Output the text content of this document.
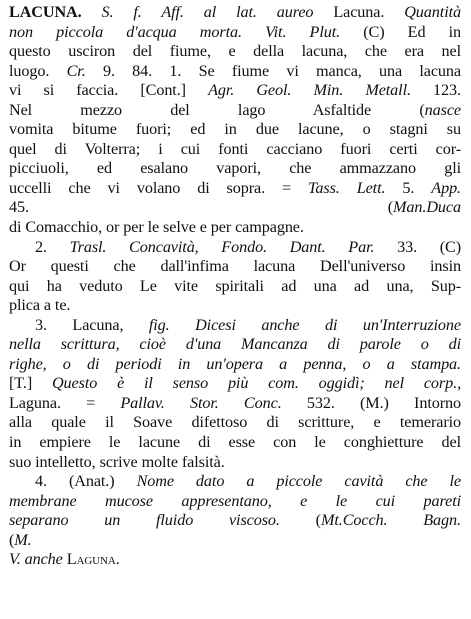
LACUNA. S. f. Aff. al lat. aureo Lacuna. Quantità
non piccola d'acqua morta. Vit. Plut. (C) Ed in
questo usciron del fiume, e della lacuna, che era nel
luogo. Cr. 9. 84. 1. Se fiume vi manca, una lacuna
vi si faccia. [Cont.] Agr. Geol. Min. Metall. 123.
Nel mezzo del lago Asfaltide (nasce
vomita bitume fuori; ed in due lacune, o stagni su
quel di Volterra; i cui fonti cacciano fuori certi cor-
picciuoli, ed esalano vapori, che ammazzano gli
uccelli che vi volano di sopra. = Tass. Lett. 5. App.
45. (Man.Duca
di Comacchio, or per le selve e per campagne.
2. Trasl. Concavità, Fondo. Dant. Par. 33. (C)
Or questi che dall'infima lacuna Dell'universo insin
qui ha veduto Le vite spiritali ad una ad una, Sup-
plica a te.
3. Lacuna, fig. Dicesi anche di un'Interruzione
nella scrittura, cioè d'una Mancanza di parole o di
righe, o di periodi in un'opera a penna, o a stampa.
[T.] Questo è il senso più com. oggidì; nel corp.,
Laguna. = Pallav. Stor. Conc. 532. (M.) Intorno
alla quale il Soave difettoso di scritture, e temerario
in empiere le lacune di esse con le conghietture del
suo intelletto, scrive molte falsità.
4. (Anat.) Nome dato a piccole cavità che le
membrane mucose appresentano, e le cui pareti
separano un fluido viscoso. (Mt.Cocch. Bagn.
(M.
V. anche Laguna.
